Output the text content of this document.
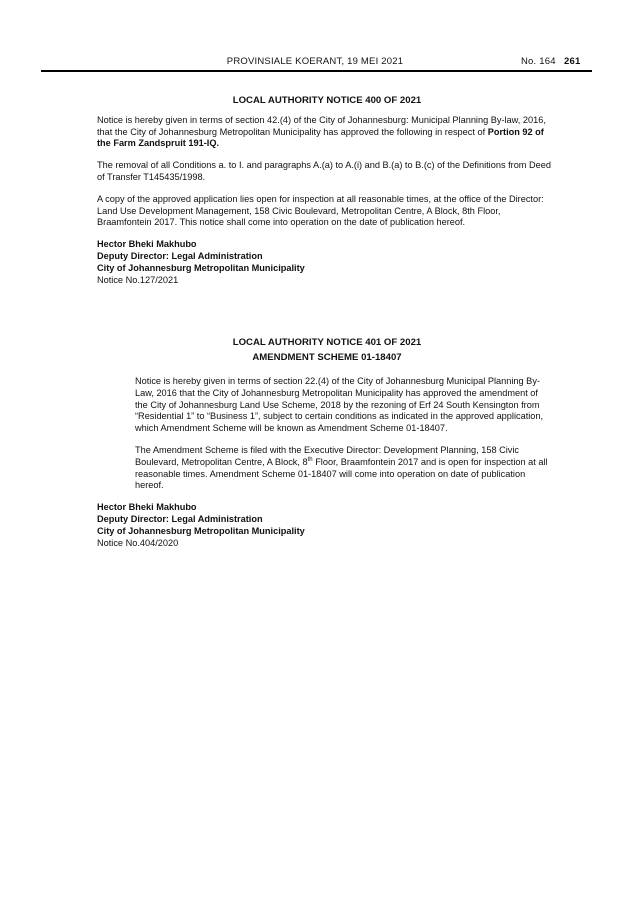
PROVINSIALE KOERANT, 19 MEI 2021	No. 164 261
LOCAL AUTHORITY NOTICE 400 OF 2021

Notice is hereby given in terms of section 42.(4) of the City of Johannesburg: Municipal Planning By-law, 2016, that the City of Johannesburg Metropolitan Municipality has approved the following in respect of Portion 92 of the Farm Zandspruit 191-IQ.

The removal of all Conditions a. to I. and paragraphs A.(a) to A.(i) and B.(a) to B.(c) of the Definitions from Deed of Transfer T145435/1998.

A copy of the approved application lies open for inspection at all reasonable times, at the office of the Director: Land Use Development Management, 158 Civic Boulevard, Metropolitan Centre, A Block, 8th Floor, Braamfontein 2017. This notice shall come into operation on the date of publication hereof.

Hector Bheki Makhubo
Deputy Director: Legal Administration
City of Johannesburg Metropolitan Municipality
Notice No.127/2021
LOCAL AUTHORITY NOTICE 401 OF 2021
AMENDMENT SCHEME 01-18407

Notice is hereby given in terms of section 22.(4) of the City of Johannesburg Municipal Planning By-Law, 2016 that the City of Johannesburg Metropolitan Municipality has approved the amendment of the City of Johannesburg Land Use Scheme, 2018 by the rezoning of Erf 24 South Kensington from “Residential 1” to “Business 1”, subject to certain conditions as indicated in the approved application, which Amendment Scheme will be known as Amendment Scheme 01-18407.

The Amendment Scheme is filed with the Executive Director: Development Planning, 158 Civic Boulevard, Metropolitan Centre, A Block, 8th Floor, Braamfontein 2017 and is open for inspection at all reasonable times. Amendment Scheme 01-18407 will come into operation on date of publication hereof.

Hector Bheki Makhubo
Deputy Director: Legal Administration
City of Johannesburg Metropolitan Municipality
Notice No.404/2020
